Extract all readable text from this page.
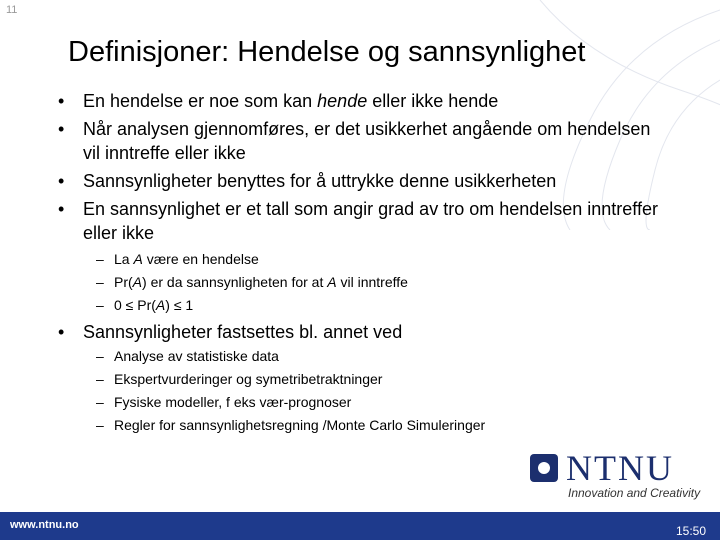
11
Definisjoner: Hendelse og sannsynlighet
• En hendelse er noe som kan hende eller ikke hende
• Når analysen gjennomføres, er det usikkerhet angående om hendelsen vil inntreffe eller ikke
• Sannsynligheter benyttes for å uttrykke denne usikkerheten
• En sannsynlighet er et tall som angir grad av tro om hendelsen inntreffer eller ikke
– La A være en hendelse
– Pr(A) er da sannsynligheten for at A vil inntreffe
– 0 ≤ Pr(A) ≤ 1
• Sannsynligheter fastsettes bl. annet ved
– Analyse av statistiske data
– Ekspertvurderinger og symetribetraktninger
– Fysiske modeller, f eks vær-prognoser
– Regler for sannsynlighetsregning /Monte Carlo Simuleringer
NTNU
Innovation and Creativity
www.ntnu.no	15:50
